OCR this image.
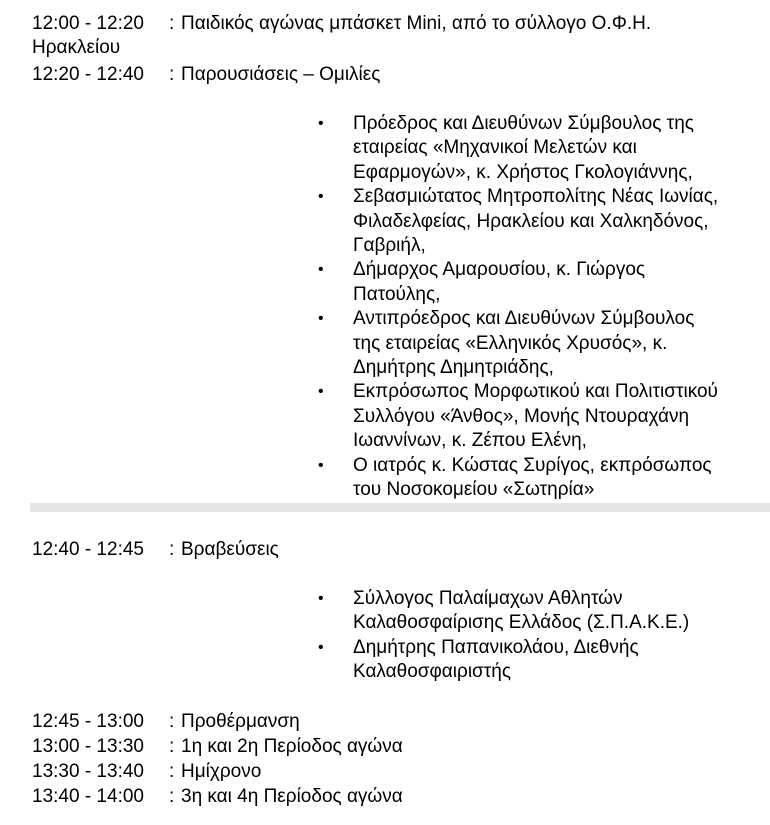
12:00 - 12:20 : Παιδικός αγώνας μπάσκετ Mini, από το σύλλογο Ο.Φ.Η.
Ηρακλείου
12:20 - 12:40 : Παρουσιάσεις – Ομιλίες
•	Πρόεδρος και Διευθύνων Σύμβουλος της
εταιρείας «Μηχανικοί Μελετών και
Εφαρμογών», κ. Χρήστος Γκολογιάννης,
•	Σεβασμιώτατος Μητροπολίτης Νέας Ιωνίας,
Φιλαδελφείας, Ηρακλείου και Χαλκηδόνος,
Γαβριήλ,
•	Δήμαρχος Αμαρουσίου, κ. Γιώργος
Πατούλης,
•	Αντιπρόεδρος και Διευθύνων Σύμβουλος
της εταιρείας «Ελληνικός Χρυσός», κ.
Δημήτρης Δημητριάδης,
•	Εκπρόσωπος Μορφωτικού και Πολιτιστικού
Συλλόγου «Άνθος», Μονής Ντουραχάνη
Ιωαννίνων, κ. Ζέπου Ελένη,
•	Ο ιατρός κ. Κώστας Συρίγος, εκπρόσωπος
του Νοσοκομείου «Σωτηρία»
12:40 - 12:45 : Βραβεύσεις
•	Σύλλογος Παλαίμαχων Αθλητών
Καλαθοσφαίρισης Ελλάδος (Σ.Π.Α.Κ.Ε.)
•	Δημήτρης Παπανικολάου, Διεθνής
Καλαθοσφαιριστής
12:45 - 13:00 : Προθέρμανση
13:00 - 13:30 : 1η και 2η Περίοδος αγώνα
13:30 - 13:40 : Ημίχρονο
13:40 - 14:00 : 3η και 4η Περίοδος αγώνα
